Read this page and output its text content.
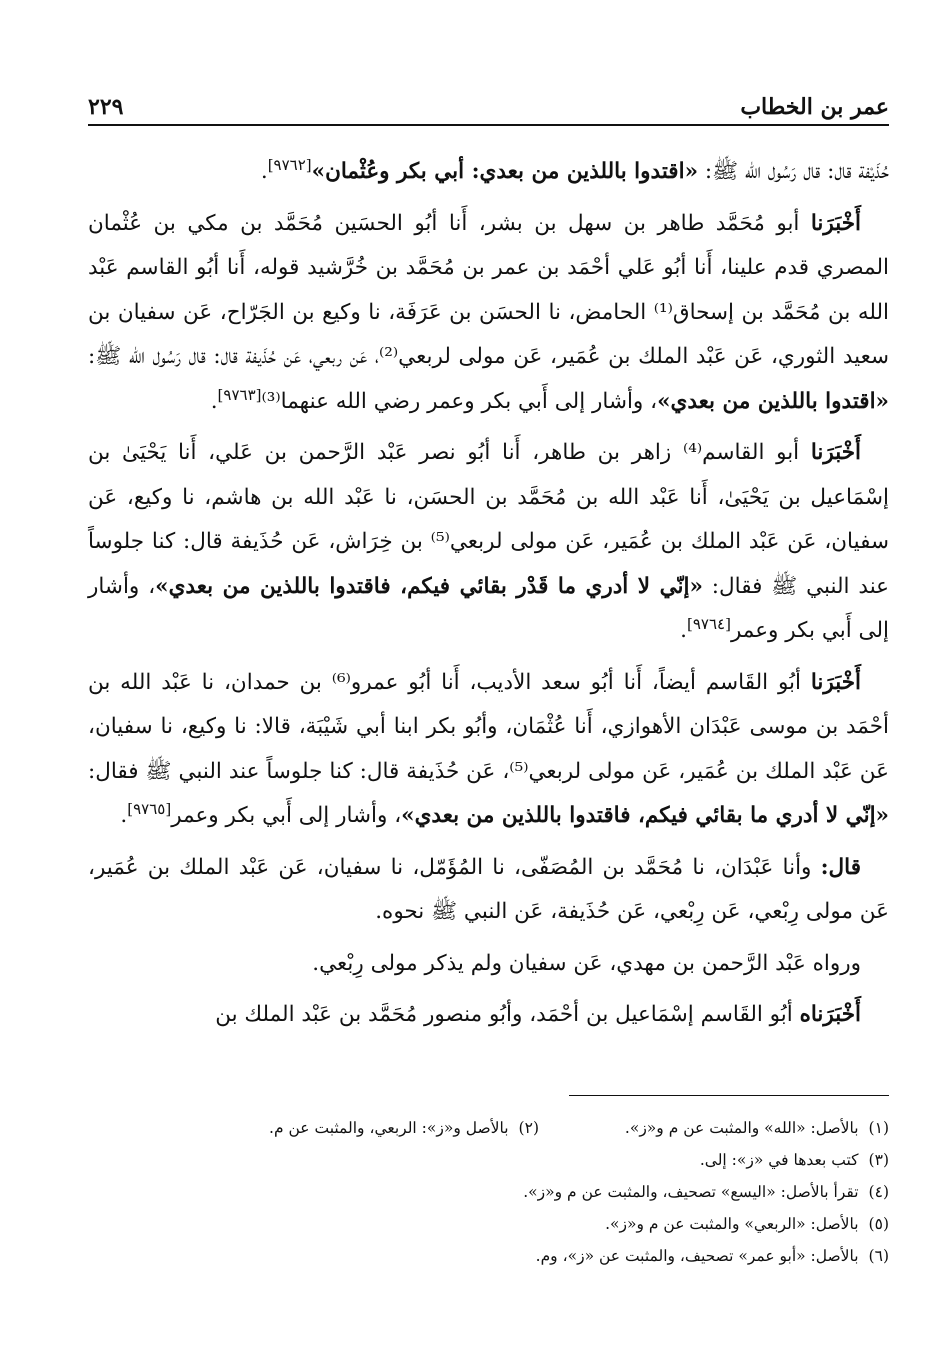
عمر بن الخطاب
٢٢٩

حُذَيْفة قال: قال رَسُول الله ﷺ: «اقتدوا باللذين من بعدي: أبي بكر وعُثْمان»[٩٧٦٢].

أَخْبَرَنا أبو مُحَمَّد طاهر بن سهل بن بشر، أَنا أبُو الحسَين مُحَمَّد بن مكي بن عُثْمان المصري قدم علينا، أَنا أبُو عَلي أحْمَد بن عمر بن مُحَمَّد بن خُرَّشيد قوله، أَنا أبُو القاسم عَبْد الله بن مُحَمَّد بن إسحاق⁽¹⁾ الحامض، نا الحسَن بن عَرَفَة، نا وكيع بن الجَرّاح، عَن سفيان بن سعيد الثوري، عَن عَبْد الملك بن عُمَير، عَن مولى لربعي⁽²⁾، عَن ربعي، عَن حُذَيفة قال: قال رَسُول الله ﷺ: «اقتدوا باللذين من بعدي»، وأشار إلى أَبي بكر وعمر رضي الله عنهما⁽³⁾[٩٧٦٣].

أَخْبَرَنا أبو القاسم⁽⁴⁾ زاهر بن طاهر، أَنا أبُو نصر عَبْد الرَّحمن بن عَلي، أَنا يَحْيَىٰ بن إسْمَاعيل بن يَحْيَىٰ، أَنا عَبْد الله بن مُحَمَّد بن الحسَن، نا عَبْد الله بن هاشم، نا وكيع، عَن سفيان، عَن عَبْد الملك بن عُمَير، عَن مولى لربعي⁽⁵⁾ بن خِرَاش، عَن حُذَيفة قال: كنا جلوساً عند النبي ﷺ فقال: «إنّي لا أدري ما قَدْر بقائي فيكم، فاقتدوا باللذين من بعدي»، وأشار إلى أَبي بكر وعمر[٩٧٦٤].

أَخْبَرَنا أبُو القَاسم أيضاً، أَنا أبُو سعد الأديب، أَنا أبُو عمرو⁽⁶⁾ بن حمدان، نا عَبْد الله بن أحْمَد بن موسى عَبْدَان الأهوازي، أَنا عُثْمَان، وأبُو بكر ابنا أبي شَيْبَة، قالا: نا وكيع، نا سفيان، عَن عَبْد الملك بن عُمَير، عَن مولى لربعي⁽⁵⁾، عَن حُذَيفة قال: كنا جلوساً عند النبي ﷺ فقال: «إنّي لا أدري ما بقائي فيكم، فاقتدوا باللذين من بعدي»، وأشار إلى أَبي بكر وعمر[٩٧٦٥].

قال: وأنا عَبْدَان، نا مُحَمَّد بن المُصَفّى، نا المُؤَمّل، نا سفيان، عَن عَبْد الملك بن عُمَير، عَن مولى رِبْعي، عَن رِبْعي، عَن حُذَيفة، عَن النبي ﷺ نحوه.

ورواه عَبْد الرَّحمن بن مهدي، عَن سفيان ولم يذكر مولى رِبْعي.

أَخْبَرَناه أبُو القَاسم إسْمَاعيل بن أحْمَد، وأبُو منصور مُحَمَّد بن عَبْد الملك بن

(١)بالأصل: «الله» والمثبت عن م و«ز».
(٢)بالأصل و«ز»: الربعي، والمثبت عن م.
(٣)
كتب بعدها في «ز»: إلى.
(٤)
تقرأ بالأصل: «اليسع» تصحيف، والمثبت عن م و«ز».
(٥)
بالأصل: «الربعي» والمثبت عن م و«ز».
(٦)
بالأصل: «أبو عمر» تصحيف، والمثبت عن «ز»، وم.
